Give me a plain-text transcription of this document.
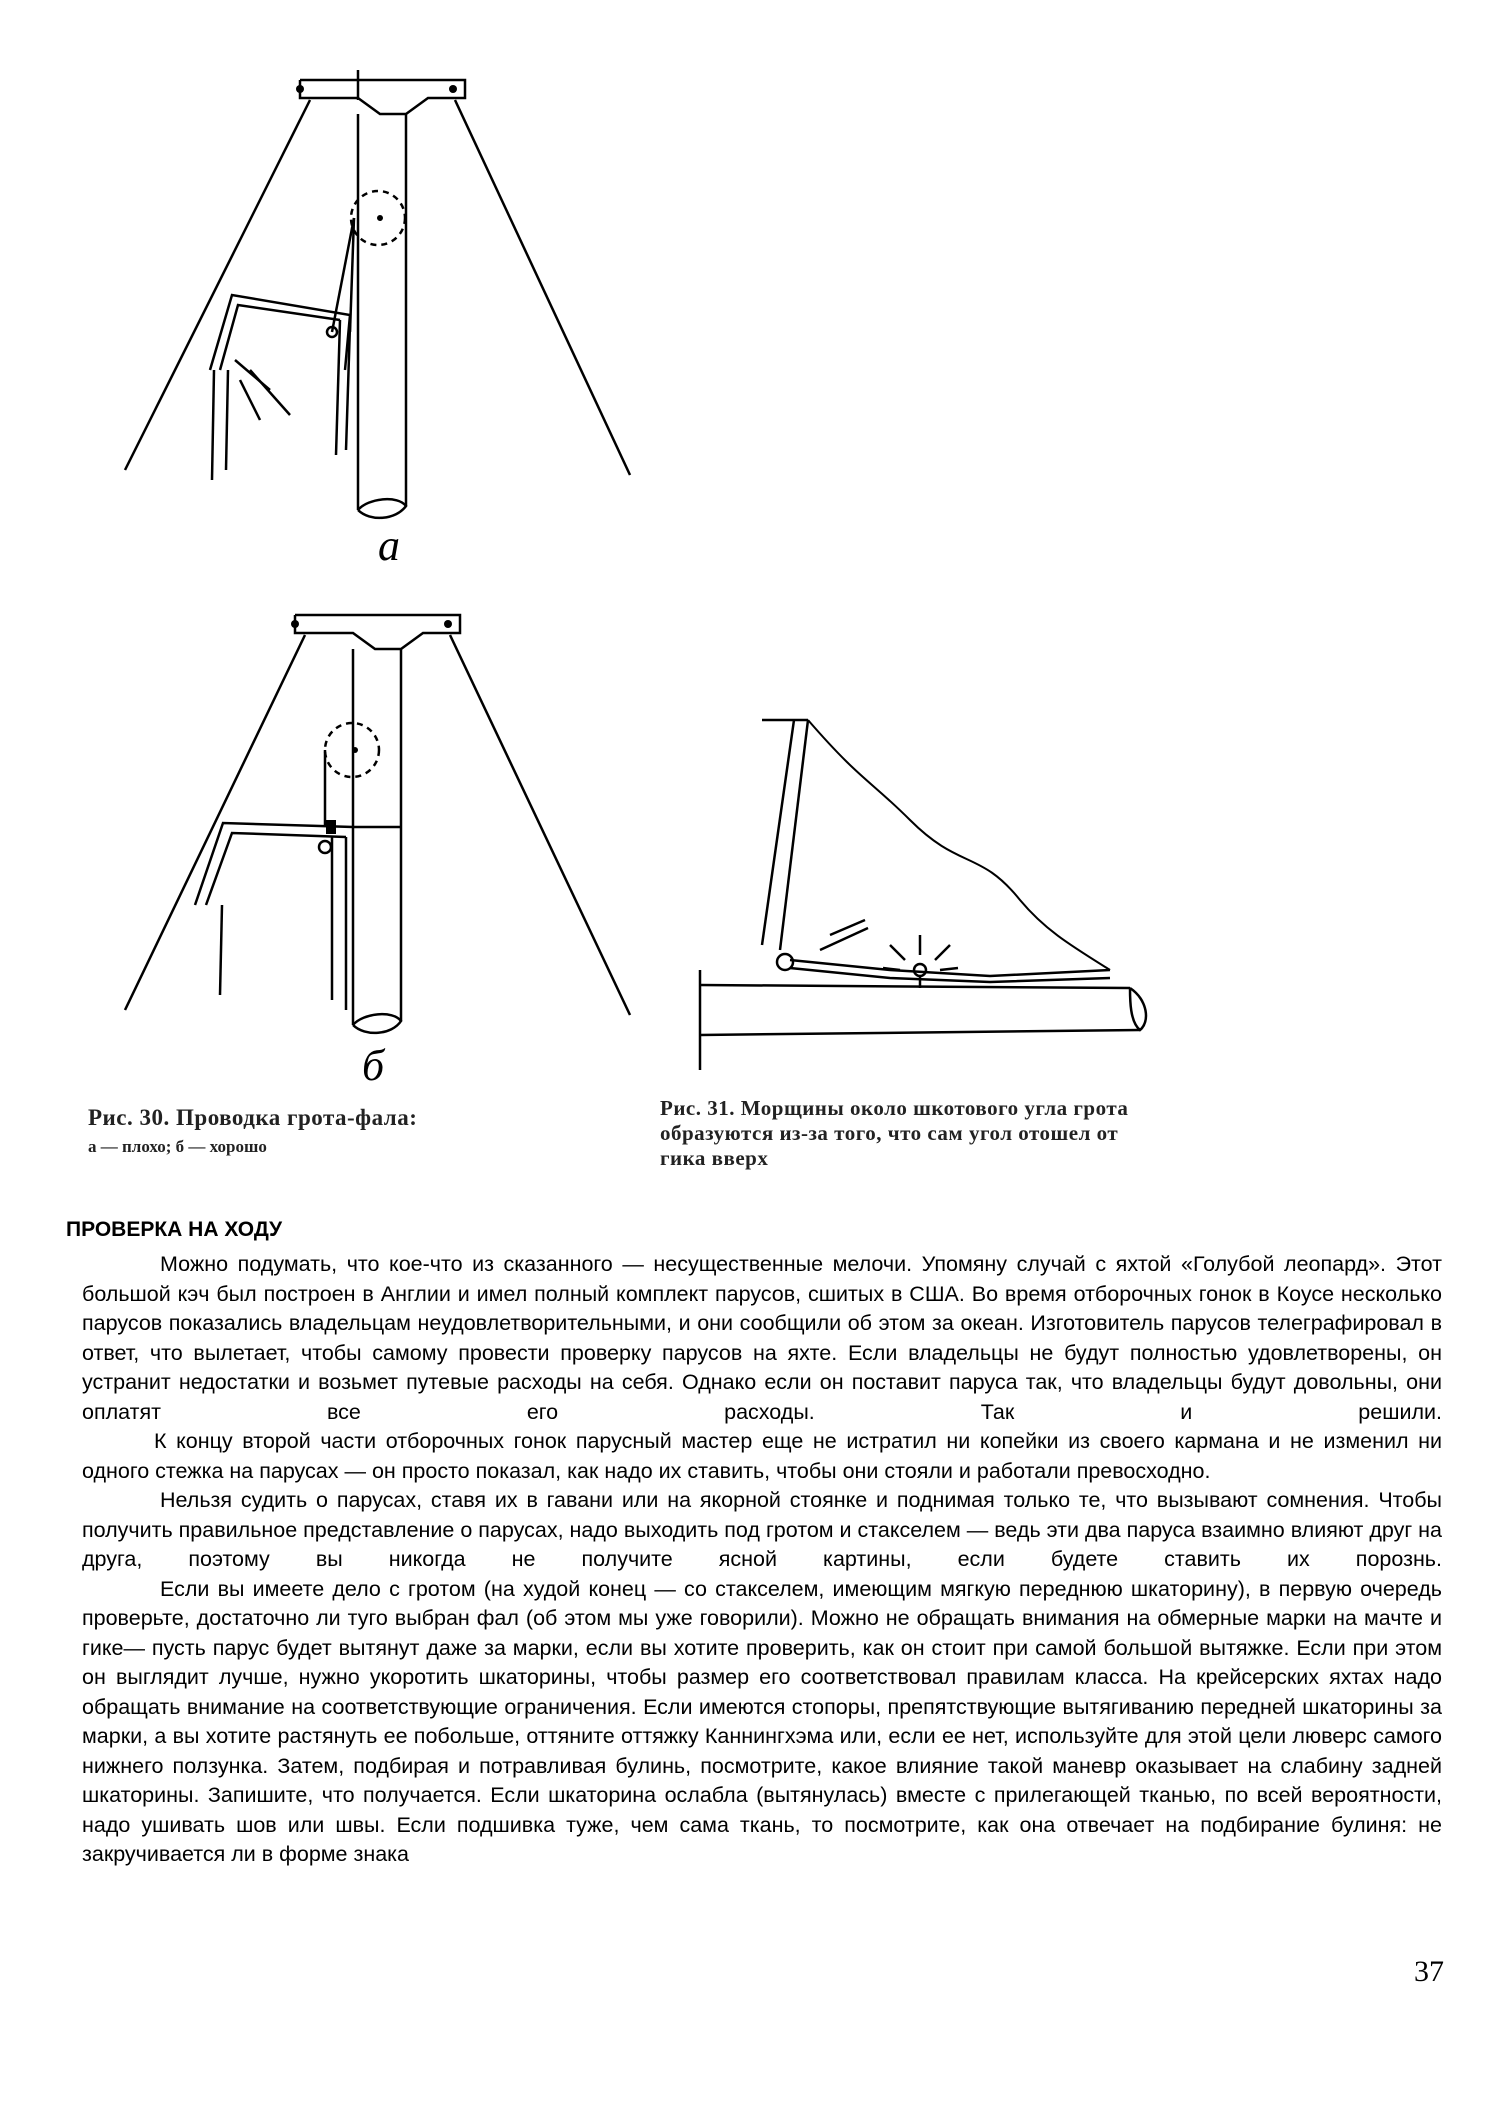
а
б
Рис. 30. Проводка грота-фала:
а — плохо; б — хорошо
Рис. 31. Морщины около шкотового угла грота
образуются из-за того, что сам угол отошел от
гика вверх
ПРОВЕРКА НА ХОДУ

Можно подумать, что кое-что из сказанного — несущественные мелочи. Упомяну случай с яхтой «Голубой леопард». Этот большой кэч был построен в Англии и имел полный комплект парусов, сшитых в США. Во время отборочных гонок в Коусе несколько парусов показались владельцам неудовлетворительными, и они сообщили об этом за океан. Изготовитель парусов телеграфировал в ответ, что вылетает, чтобы самому провести проверку парусов на яхте. Если владельцы не будут полностью удовлетворены, он устранит недостатки и возьмет путевые расходы на себя. Однако если он поставит паруса так, что владельцы будут довольны, они оплатят все его расходы. Так и решили.

К концу второй части отборочных гонок парусный мастер еще не истратил ни копейки из своего кармана и не изменил ни одного стежка на парусах — он просто показал, как надо их ставить, чтобы они стояли и работали превосходно.

Нельзя судить о парусах, ставя их в гавани или на якорной стоянке и поднимая только те, что вызывают сомнения. Чтобы получить правильное представление о парусах, надо выходить под гротом и стакселем — ведь эти два паруса взаимно влияют друг на друга, поэтому вы никогда не получите ясной картины, если будете ставить их порознь.

Если вы имеете дело с гротом (на худой конец — со стакселем, имеющим мягкую переднюю шкаторину), в первую очередь проверьте, достаточно ли туго выбран фал (об этом мы уже говорили). Можно не обращать внимания на обмерные марки на мачте и гике— пусть парус будет вытянут даже за марки, если вы хотите проверить, как он стоит при самой большой вытяжке. Если при этом он выглядит лучше, нужно укоротить шкаторины, чтобы размер его соответствовал правилам класса. На крейсерских яхтах надо обращать внимание на соответствующие ограничения. Если имеются стопоры, препятствующие вытягиванию передней шкаторины за марки, а вы хотите растянуть ее побольше, оттяните оттяжку Каннингхэма или, если ее нет, используйте для этой цели люверс самого нижнего ползунка. Затем, подбирая и потравливая булинь, посмотрите, какое влияние такой маневр оказывает на слабину задней шкаторины. Запишите, что получается. Если шкаторина ослабла (вытянулась) вместе с прилегающей тканью, по всей вероятности, надо ушивать шов или швы. Если подшивка туже, чем сама ткань, то посмотрите, как она отвечает на подбирание булиня: не закручивается ли в форме знака

37
